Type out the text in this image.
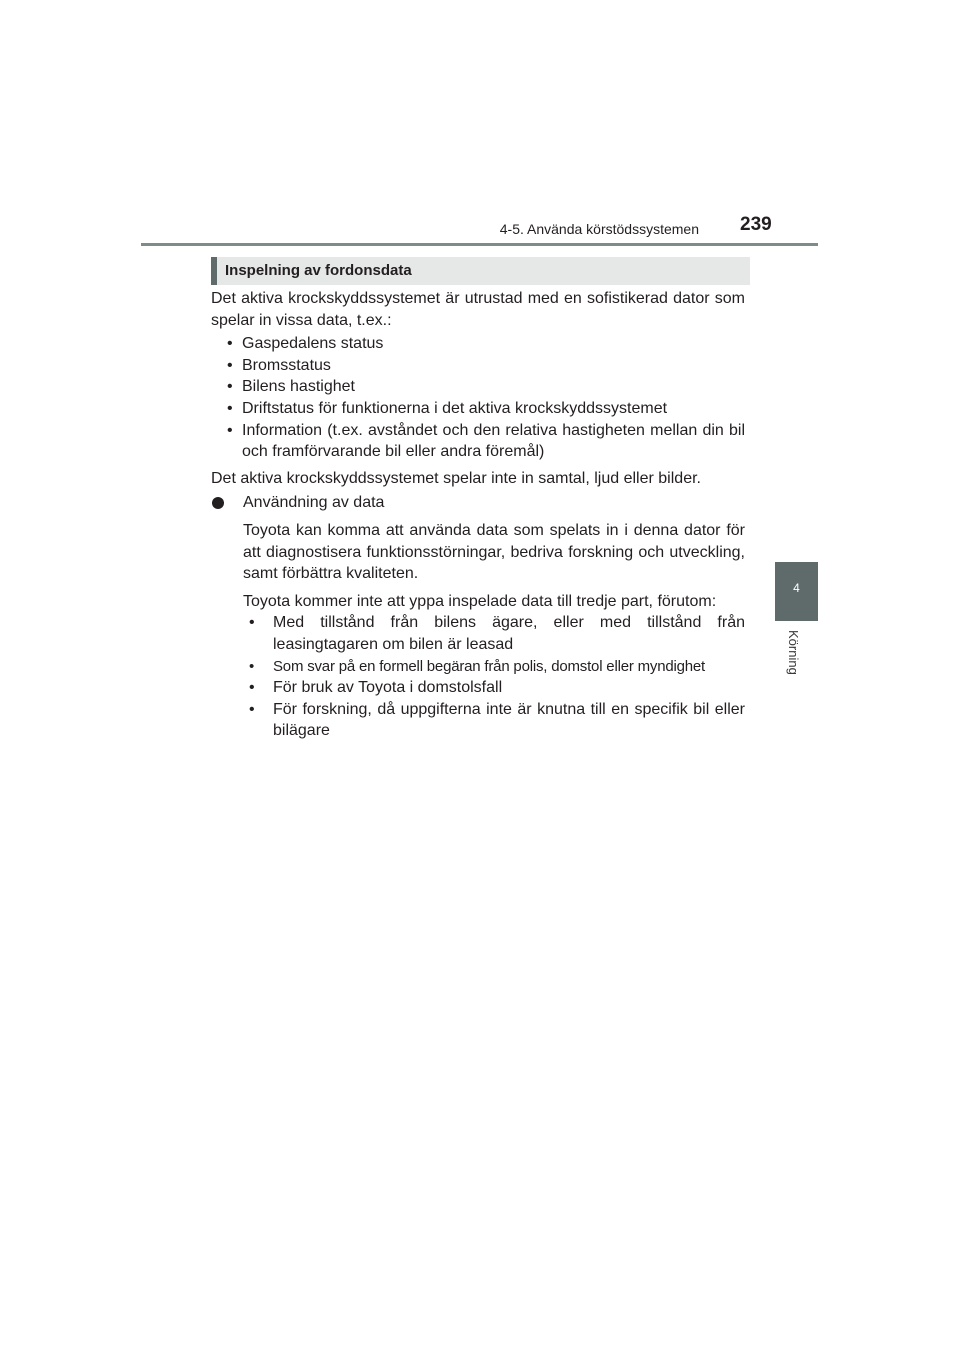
4-5. Använda körstödssystemen 239
4
Körning
Inspelning av fordonsdata

Det aktiva krockskyddssystemet är utrustad med en sofistikerad dator som spelar in vissa data, t.ex.:

• Gaspedalens status
• Bromsstatus
• Bilens hastighet
• Driftstatus för funktionerna i det aktiva krockskyddssystemet
• Information (t.ex. avståndet och den relativa hastigheten mellan din bil och framförvarande bil eller andra föremål)

Det aktiva krockskyddssystemet spelar inte in samtal, ljud eller bilder.

Användning av data

Toyota kan komma att använda data som spelats in i denna dator för att diagnostisera funktionsstörningar, bedriva forskning och utveckling, samt förbättra kvaliteten.

Toyota kommer inte att yppa inspelade data till tredje part, förutom:

• Med tillstånd från bilens ägare, eller med tillstånd från leasingtagaren om bilen är leasad
• Som svar på en formell begäran från polis, domstol eller myndighet
• För bruk av Toyota i domstolsfall
• För forskning, då uppgifterna inte är knutna till en specifik bil eller bilägare
